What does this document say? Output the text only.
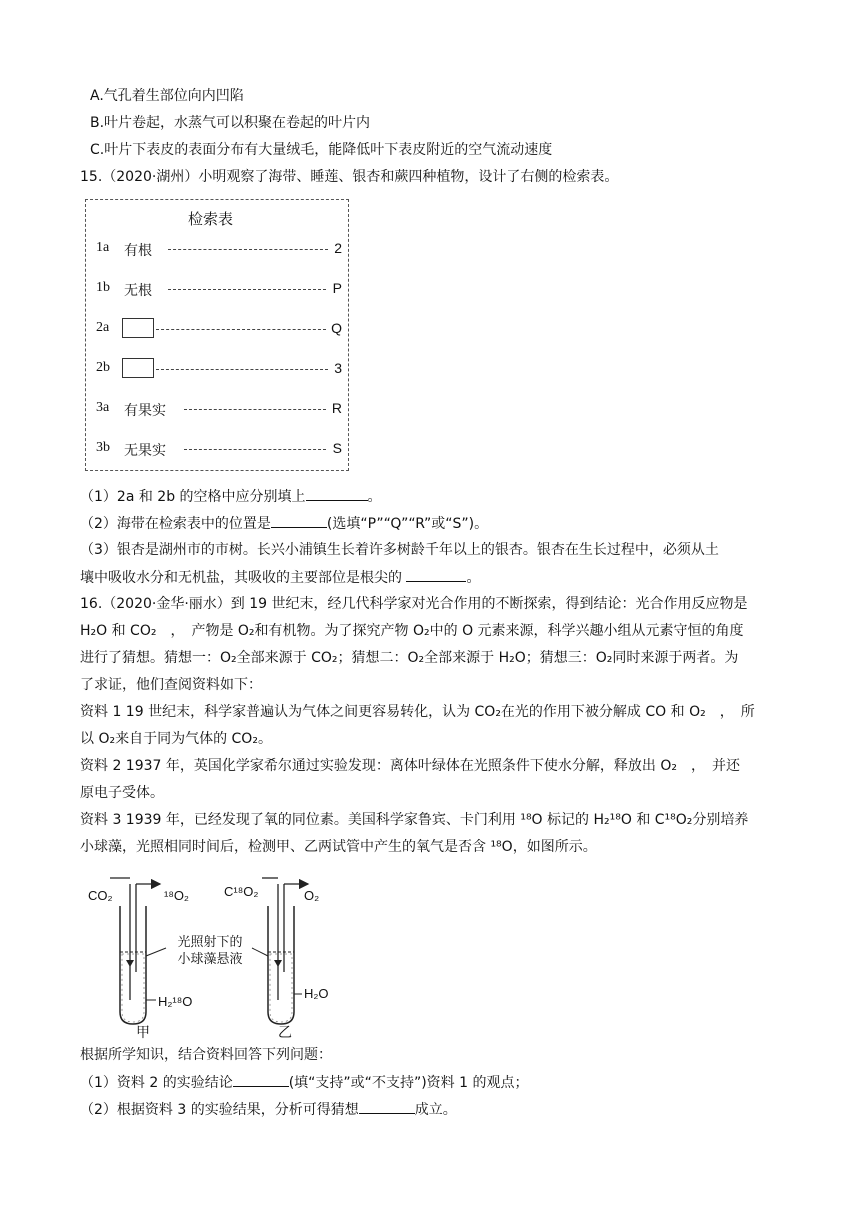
A.气孔着生部位向内凹陷
B.叶片卷起，水蒸气可以积聚在卷起的叶片内
C.叶片下表皮的表面分布有大量绒毛，能降低叶下表皮附近的空气流动速度
15.（2020·湖州）小明观察了海带、睡莲、银杏和蕨四种植物，设计了右侧的检索表。
检索表
1a 有根	2
1b 无根	P
2a	Q
2b	3
3a 有果实	R
3b 无果实	S
（1）2a 和 2b 的空格中应分别填上	。
（2）海带在检索表中的位置是	(选填“P”“Q”“R”或“S”)。
（3）银杏是湖州市的市树。长兴小浦镇生长着许多树龄千年以上的银杏。银杏在生长过程中，必须从土
壤中吸收水分和无机盐，其吸收的主要部位是根尖的	。
16.（2020·金华·丽水）到 19 世纪末，经几代科学家对光合作用的不断探索，得到结论：光合作用反应物是
H₂O 和 CO₂　，　产物是 O₂和有机物。为了探究产物 O₂中的 O 元素来源，科学兴趣小组从元素守恒的角度
进行了猜想。猜想一：O₂全部来源于 CO₂；猜想二：O₂全部来源于 H₂O；猜想三：O₂同时来源于两者。为
了求证，他们查阅资料如下：
资料 1 19 世纪末，科学家普遍认为气体之间更容易转化，认为 CO₂在光的作用下被分解成 CO 和 O₂　，　所
以 O₂来自于同为气体的 CO₂。
资料 2 1937 年，英国化学家希尔通过实验发现：离体叶绿体在光照条件下使水分解，释放出 O₂　，　并还
原电子受体。
资料 3 1939 年，已经发现了氧的同位素。美国科学家鲁宾、卡门利用 ¹⁸O 标记的 H₂¹⁸O 和 C¹⁸O₂分别培养
小球藻，光照相同时间后，检测甲、乙两试管中产生的氧气是否含 ¹⁸O，如图所示。
CO₂	¹⁸O₂	C¹⁸O₂	O₂
光照射下的
小球藻悬液
H₂¹⁸O
H₂O
甲	乙
根据所学知识，结合资料回答下列问题：
（1）资料 2 的实验结论	(填“支持”或“不支持”)资料 1 的观点；
（2）根据资料 3 的实验结果，分析可得猜想	成立。
